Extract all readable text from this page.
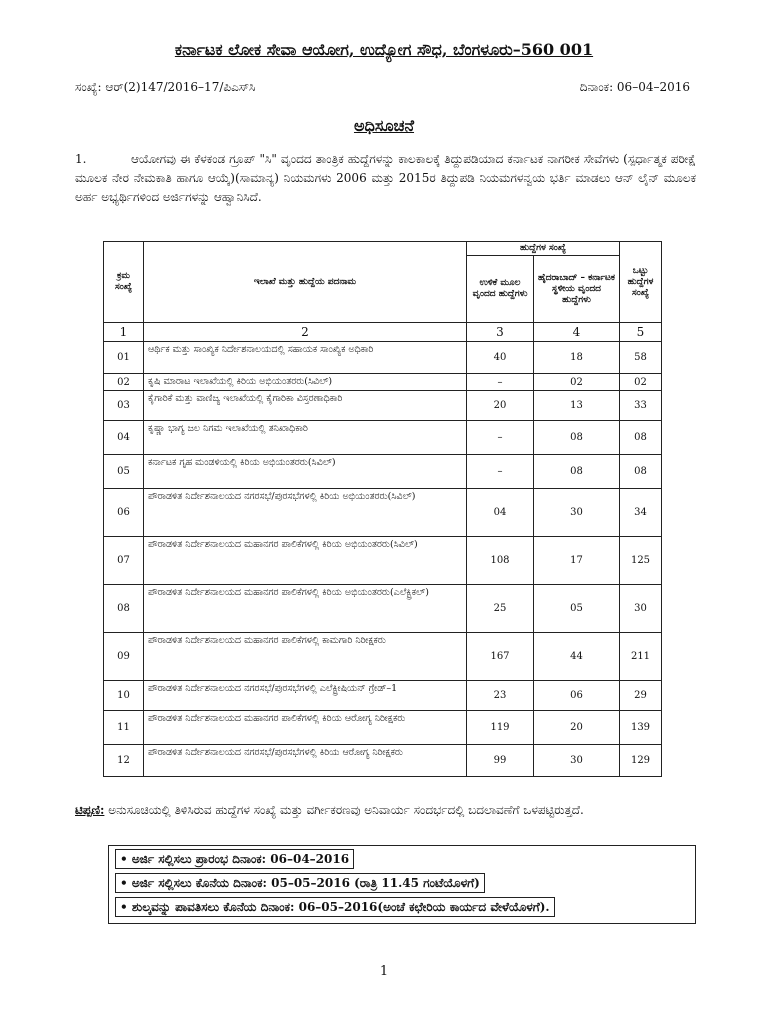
ಕರ್ನಾಟಕ ಲೋಕ ಸೇವಾ ಆಯೋಗ, ಉದ್ಯೋಗ ಸೌಧ, ಬೆಂಗಳೂರು–560 001
ಸಂಖ್ಯೆ: ಆರ್(2)147/2016–17/ಪಿಎಸ್‌ಸಿ	ದಿನಾಂಕ: 06–04–2016
ಅಧಿಸೂಚನೆ
1.	ಆಯೋಗವು ಈ ಕೆಳಕಂಡ ಗ್ರೂಪ್ "ಸಿ" ವೃಂದದ ತಾಂತ್ರಿಕ ಹುದ್ದೆಗಳನ್ನು ಕಾಲಕಾಲಕ್ಕೆ ತಿದ್ದುಪಡಿಯಾದ ಕರ್ನಾಟಕ ನಾಗರೀಕ ಸೇವೆಗಳು (ಸ್ಪರ್ಧಾತ್ಮಕ ಪರೀಕ್ಷೆ ಮೂಲಕ ನೇರ ನೇಮಕಾತಿ ಹಾಗೂ ಆಯ್ಕೆ)(ಸಾಮಾನ್ಯ) ನಿಯಮಗಳು 2006 ಮತ್ತು 2015ರ ತಿದ್ದುಪಡಿ ನಿಯಮಗಳನ್ವಯ ಭರ್ತಿ ಮಾಡಲು ಆನ್ ಲೈನ್ ಮೂಲಕ ಅರ್ಹ ಅಭ್ಯರ್ಥಿಗಳಿಂದ ಅರ್ಜಿಗಳನ್ನು ಆಹ್ವಾನಿಸಿದೆ.
ಕ್ರಮ ಸಂಖ್ಯೆ	ಇಲಾಖೆ ಮತ್ತು ಹುದ್ದೆಯ ಪದನಾಮ	ಹುದ್ದೆಗಳ ಸಂಖ್ಯೆ		ಒಟ್ಟು ಹುದ್ದೆಗಳ ಸಂಖ್ಯೆ
		ಉಳಿಕೆ ಮೂಲ ವೃಂದದ ಹುದ್ದೆಗಳು	ಹೈದರಾಬಾದ್ – ಕರ್ನಾಟಕ ಸ್ಥಳೀಯ ವೃಂದದ ಹುದ್ದೆಗಳು	
1	2	3	4	5
01	ಆರ್ಥಿಕ ಮತ್ತು ಸಾಂಖ್ಯಿಕ ನಿರ್ದೇಶನಾಲಯದಲ್ಲಿ ಸಹಾಯಕ ಸಾಂಖ್ಯಿಕ ಅಧಿಕಾರಿ	40	18	58
02	ಕೃಷಿ ಮಾರಾಟ ಇಲಾಖೆಯಲ್ಲಿ ಕಿರಿಯ ಅಭಿಯಂತರರು(ಸಿವಿಲ್)	–	02	02
03	ಕೈಗಾರಿಕೆ ಮತ್ತು ವಾಣಿಜ್ಯ ಇಲಾಖೆಯಲ್ಲಿ ಕೈಗಾರಿಕಾ ವಿಸ್ತರಣಾಧಿಕಾರಿ	20	13	33
04	ಕೃಷ್ಣಾ ಭಾಗ್ಯ ಜಲ ನಿಗಮ ಇಲಾಖೆಯಲ್ಲಿ ತನಿಖಾಧಿಕಾರಿ	–	08	08
05	ಕರ್ನಾಟಕ ಗೃಹ ಮಂಡಳಿಯಲ್ಲಿ ಕಿರಿಯ ಅಭಿಯಂತರರು(ಸಿವಿಲ್)	–	08	08
06	ಪೌರಾಡಳಿತ ನಿರ್ದೇಶನಾಲಯದ ನಗರಸಭೆ/ಪುರಸಭೆಗಳಲ್ಲಿ ಕಿರಿಯ ಅಭಿಯಂತರರು(ಸಿವಿಲ್)	04	30	34
07	ಪೌರಾಡಳಿತ ನಿರ್ದೇಶನಾಲಯದ ಮಹಾನಗರ ಪಾಲಿಕೆಗಳಲ್ಲಿ ಕಿರಿಯ ಅಭಿಯಂತರರು(ಸಿವಿಲ್)	108	17	125
08	ಪೌರಾಡಳಿತ ನಿರ್ದೇಶನಾಲಯದ ಮಹಾನಗರ ಪಾಲಿಕೆಗಳಲ್ಲಿ ಕಿರಿಯ ಅಭಿಯಂತರರು(ಎಲೆಕ್ಟ್ರಿಕಲ್)	25	05	30
09	ಪೌರಾಡಳಿತ ನಿರ್ದೇಶನಾಲಯದ ಮಹಾನಗರ ಪಾಲಿಕೆಗಳಲ್ಲಿ ಕಾಮಗಾರಿ ನಿರೀಕ್ಷಕರು	167	44	211
10	ಪೌರಾಡಳಿತ ನಿರ್ದೇಶನಾಲಯದ ನಗರಸಭೆ/ಪುರಸಭೆಗಳಲ್ಲಿ ಎಲೆಕ್ಟ್ರೀಷಿಯನ್ ಗ್ರೇಡ್–1	23	06	29
11	ಪೌರಾಡಳಿತ ನಿರ್ದೇಶನಾಲಯದ ಮಹಾನಗರ ಪಾಲಿಕೆಗಳಲ್ಲಿ ಕಿರಿಯ ಆರೋಗ್ಯ ನಿರೀಕ್ಷಕರು	119	20	139
12	ಪೌರಾಡಳಿತ ನಿರ್ದೇಶನಾಲಯದ ನಗರಸಭೆ/ಪುರಸಭೆಗಳಲ್ಲಿ ಕಿರಿಯ ಆರೋಗ್ಯ ನಿರೀಕ್ಷಕರು	99	30	129
ಟಿಪ್ಪಣಿ: ಅನುಸೂಚಿಯಲ್ಲಿ ತಿಳಿಸಿರುವ ಹುದ್ದೆಗಳ ಸಂಖ್ಯೆ ಮತ್ತು ವರ್ಗೀಕರಣವು ಅನಿವಾರ್ಯ ಸಂದರ್ಭದಲ್ಲಿ ಬದಲಾವಣೆಗೆ ಒಳಪಟ್ಟಿರುತ್ತದೆ.
• ಅರ್ಜಿ ಸಲ್ಲಿಸಲು ಪ್ರಾರಂಭ ದಿನಾಂಕ: 06–04–2016
• ಅರ್ಜಿ ಸಲ್ಲಿಸಲು ಕೊನೆಯ ದಿನಾಂಕ: 05–05–2016 (ರಾತ್ರಿ 11.45 ಗಂಟೆಯೊಳಗೆ)
• ಶುಲ್ಕವನ್ನು ಪಾವತಿಸಲು ಕೊನೆಯ ದಿನಾಂಕ: 06–05–2016(ಅಂಚೆ ಕಛೇರಿಯ ಕಾರ್ಯದ ವೇಳೆಯೊಳಗೆ).
1
